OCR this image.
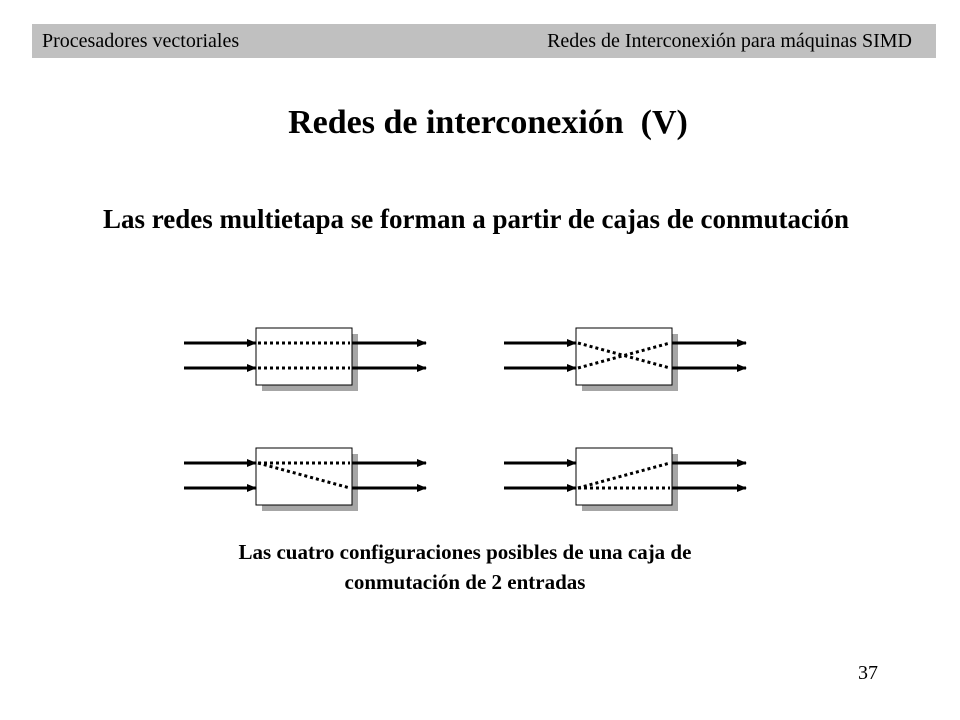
Procesadores vectoriales	Redes de Interconexión para máquinas SIMD
Redes de interconexión  (V)
Las redes multietapa se forman a partir de cajas de conmutación
Las cuatro configuraciones posibles de una caja de
conmutación de 2 entradas
37
